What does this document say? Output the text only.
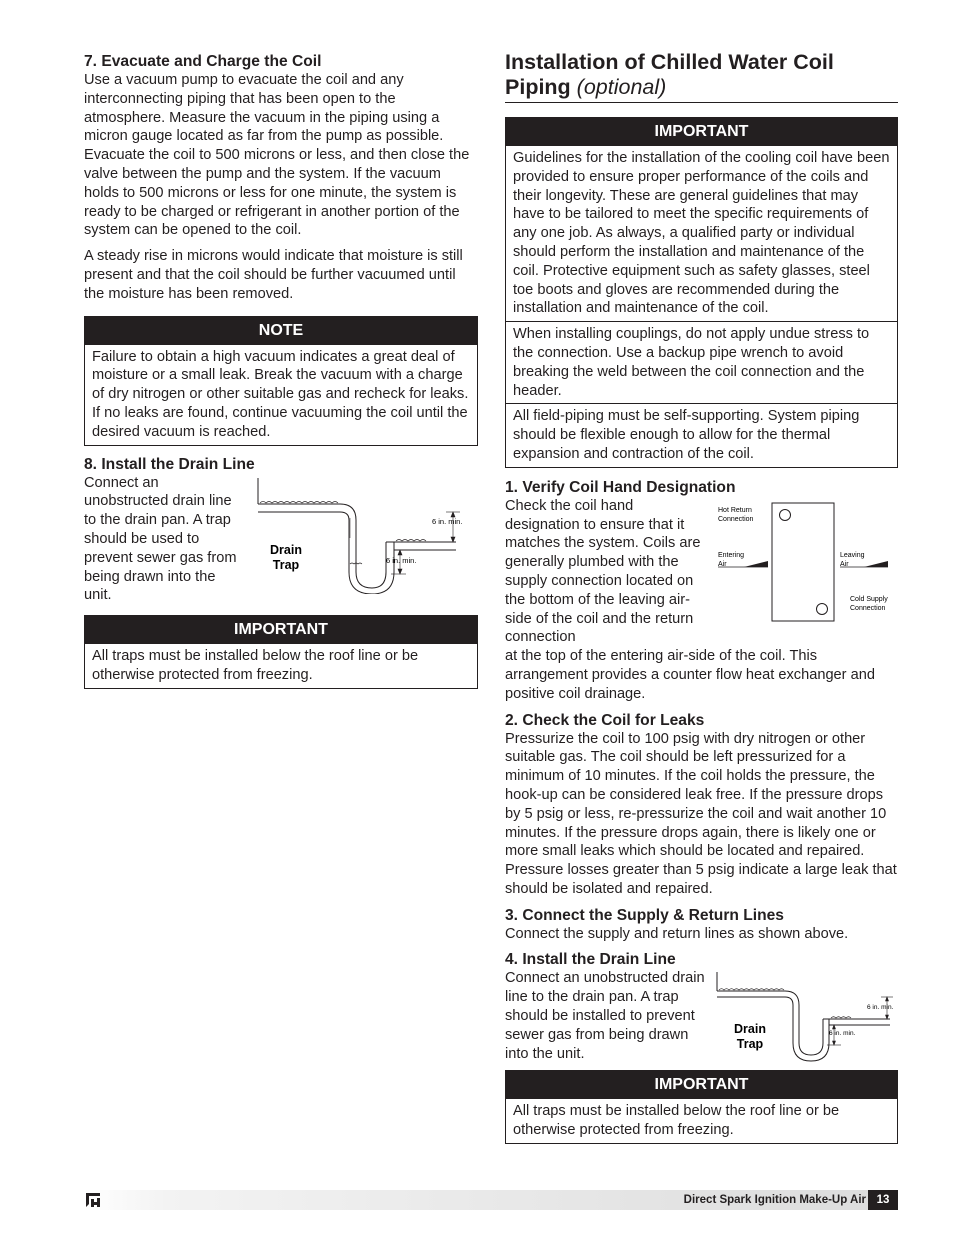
7. Evacuate and Charge the Coil

Use a vacuum pump to evacuate the coil and any interconnecting piping that has been open to the atmosphere. Measure the vacuum in the piping using a micron gauge located as far from the pump as possible. Evacuate the coil to 500 microns or less, and then close the valve between the pump and the system. If the vacuum holds to 500 microns or less for one minute, the system is ready to be charged or refrigerant in another portion of the system can be opened to the coil.

A steady rise in microns would indicate that moisture is still present and that the coil should be further vacuumed until the moisture has been removed.

NOTE
Failure to obtain a high vacuum indicates a great deal of moisture or a small leak. Break the vacuum with a charge of dry nitrogen or other suitable gas and recheck for leaks. If no leaks are found, continue vacuuming the coil until the desired vacuum is reached.
8. Install the Drain Line

Connect an unobstructed drain line to the drain pan. A trap should be used to prevent sewer gas from being drawn into the unit.

6 in. min.
6 in. min.
Drain
Trap
IMPORTANT
All traps must be installed below the roof line or be otherwise protected from freezing.
Installation of Chilled Water Coil Piping (optional)
IMPORTANT
Guidelines for the installation of the cooling coil have been provided to ensure proper performance of the coils and their longevity. These are general guidelines that may have to be tailored to meet the specific requirements of any one job. As always, a qualified party or individual should perform the installation and maintenance of the coil. Protective equipment such as safety glasses, steel toe boots and gloves are recommended during the installation and maintenance of the coil.
When installing couplings, do not apply undue stress to the connection. Use a backup pipe wrench to avoid breaking the weld between the coil connection and the header.
All field-piping must be self-supporting. System piping should be flexible enough to allow for the thermal expansion and contraction of the coil.
1. Verify Coil Hand Designation

Check the coil hand designation to ensure that it matches the system. Coils are generally plumbed with the supply connection located on the bottom of the leaving air-side of the coil and the return connection

Hot Return
Connection
Entering
Air
Leaving
Air
Cold Supply
Connection

at the top of the entering air-side of the coil. This arrangement provides a counter flow heat exchanger and positive coil drainage.

2. Check the Coil for Leaks

Pressurize the coil to 100 psig with dry nitrogen or other suitable gas. The coil should be left pressurized for a minimum of 10 minutes. If the coil holds the pressure, the hook-up can be considered leak free. If the pressure drops by 5 psig or less, re-pressurize the coil and wait another 10 minutes. If the pressure drops again, there is likely one or more small leaks which should be located and repaired. Pressure losses greater than 5 psig indicate a large leak that should be isolated and repaired.

3. Connect the Supply & Return Lines

Connect the supply and return lines as shown above.

4. Install the Drain Line

Connect an unobstructed drain line to the drain pan. A trap should be installed to prevent sewer gas from being drawn into the unit.

6 in. min.
6 in. min.
Drain
Trap
IMPORTANT
All traps must be installed below the roof line or be otherwise protected from freezing.
Direct Spark Ignition Make-Up Air 13
